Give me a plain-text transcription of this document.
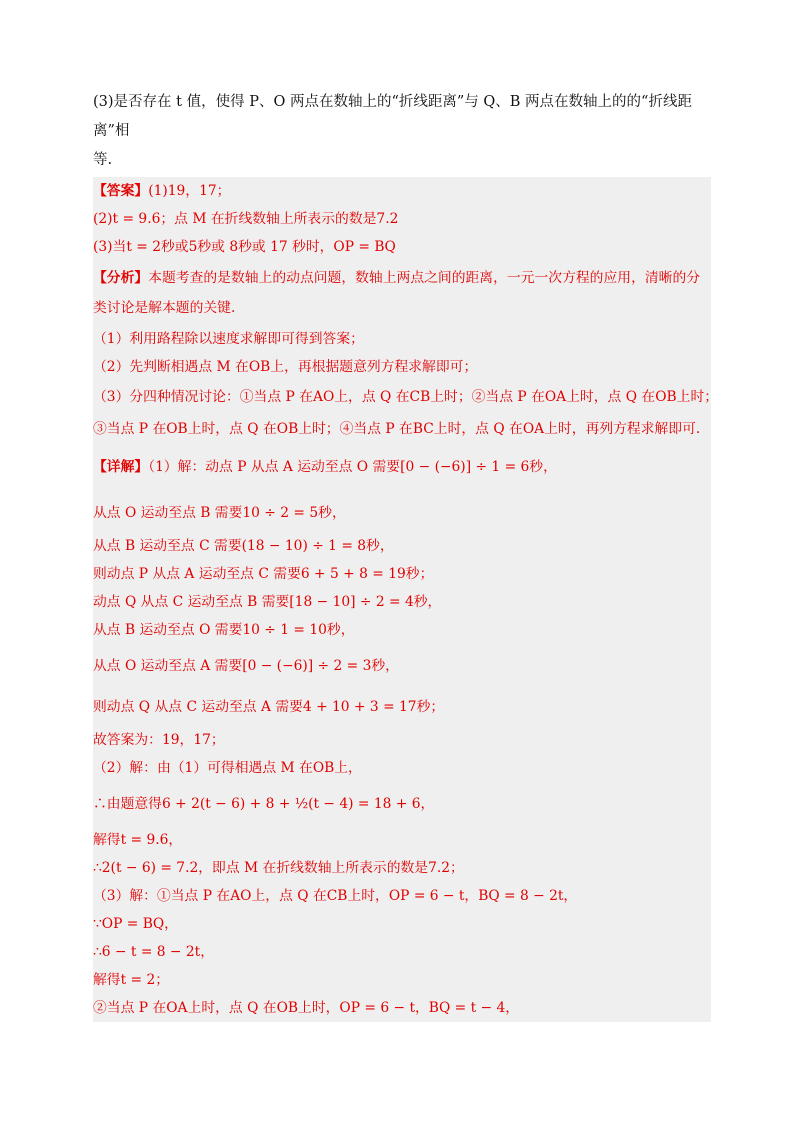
(3)是否存在 t 值，使得 P、O 两点在数轴上的“折线距离”与 Q、B 两点在数轴上的的“折线距离”相

等.

【答案】(1)19，17；
(2)t = 9.6；点 M 在折线数轴上所表示的数是7.2
(3)当t = 2秒或5秒或 8秒或 17 秒时，OP = BQ
【分析】本题考查的是数轴上的动点问题，数轴上两点之间的距离，一元一次方程的应用，清晰的分类讨论是解本题的关键.
（1）利用路程除以速度求解即可得到答案；
（2）先判断相遇点 M 在OB上，再根据题意列方程求解即可；
（3）分四种情况讨论：①当点 P 在AO上，点 Q 在CB上时；②当点 P 在OA上时，点 Q 在OB上时；
③当点 P 在OB上时，点 Q 在OB上时；④当点 P 在BC上时，点 Q 在OA上时，再列方程求解即可.
【详解】（1）解：动点 P 从点 A 运动至点 O 需要[0 − (−6)] ÷ 1 = 6秒，
从点 O 运动至点 B 需要10 ÷ 2 = 5秒，
从点 B 运动至点 C 需要(18 − 10) ÷ 1 = 8秒，
则动点 P 从点 A 运动至点 C 需要6 + 5 + 8 = 19秒；
动点 Q 从点 C 运动至点 B 需要[18 − 10] ÷ 2 = 4秒，
从点 B 运动至点 O 需要10 ÷ 1 = 10秒，
从点 O 运动至点 A 需要[0 − (−6)] ÷ 2 = 3秒，
则动点 Q 从点 C 运动至点 A 需要4 + 10 + 3 = 17秒；
故答案为：19，17；
（2）解：由（1）可得相遇点 M 在OB上，
∴由题意得6 + 2(t − 6) + 8 + ½(t − 4) = 18 + 6，
解得t = 9.6，
∴2(t − 6) = 7.2，即点 M 在折线数轴上所表示的数是7.2；
（3）解：①当点 P 在AO上，点 Q 在CB上时，OP = 6 − t，BQ = 8 − 2t，
∵OP = BQ，
∴6 − t = 8 − 2t，
解得t = 2；
②当点 P 在OA上时，点 Q 在OB上时，OP = 6 − t，BQ = t − 4，
